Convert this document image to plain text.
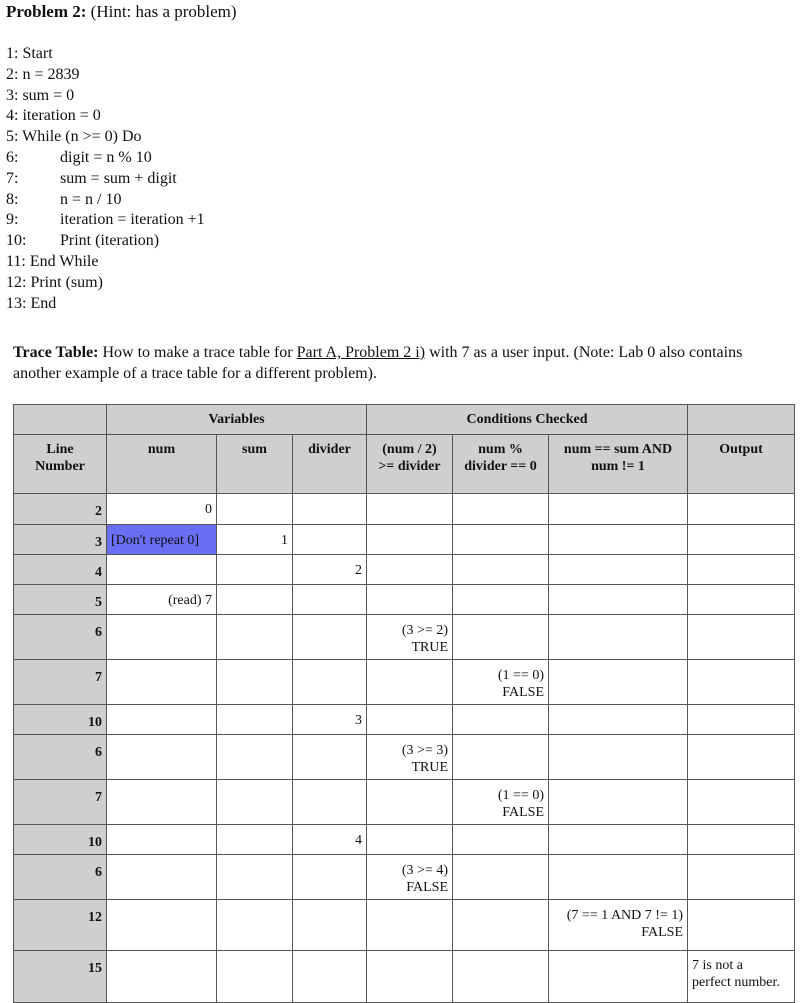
Problem 2: (Hint: has a problem)
1: Start
2: n = 2839
3: sum = 0
4: iteration = 0
5: While (n >= 0) Do
6:	digit = n % 10
7:	sum = sum + digit
8:	n = n / 10
9:	iteration = iteration +1
10: Print (iteration)
11: End While
12: Print (sum)
13: End
Trace Table: How to make a trace table for Part A, Problem 2 i) with 7 as a user input. (Note: Lab 0 also contains another example of a trace table for a different problem).
	Variables			Conditions Checked			

Line
Number	num	sum	divider	(num / 2)
>= divider	num %
divider == 0	num == sum AND
num != 1	Output

2	0						
3	[Don't repeat 0]	1					
4			2				
5	(read) 7						
6				(3 >= 2)
TRUE			

7					(1 == 0)
FALSE		

10			3				
6				(3 >= 3)
TRUE			

7					(1 == 0)
FALSE		

10			4				
6				(3 >= 4)
FALSE			

12						(7 == 1 AND 7 != 1)
FALSE	

15							7 is not a
perfect number.
